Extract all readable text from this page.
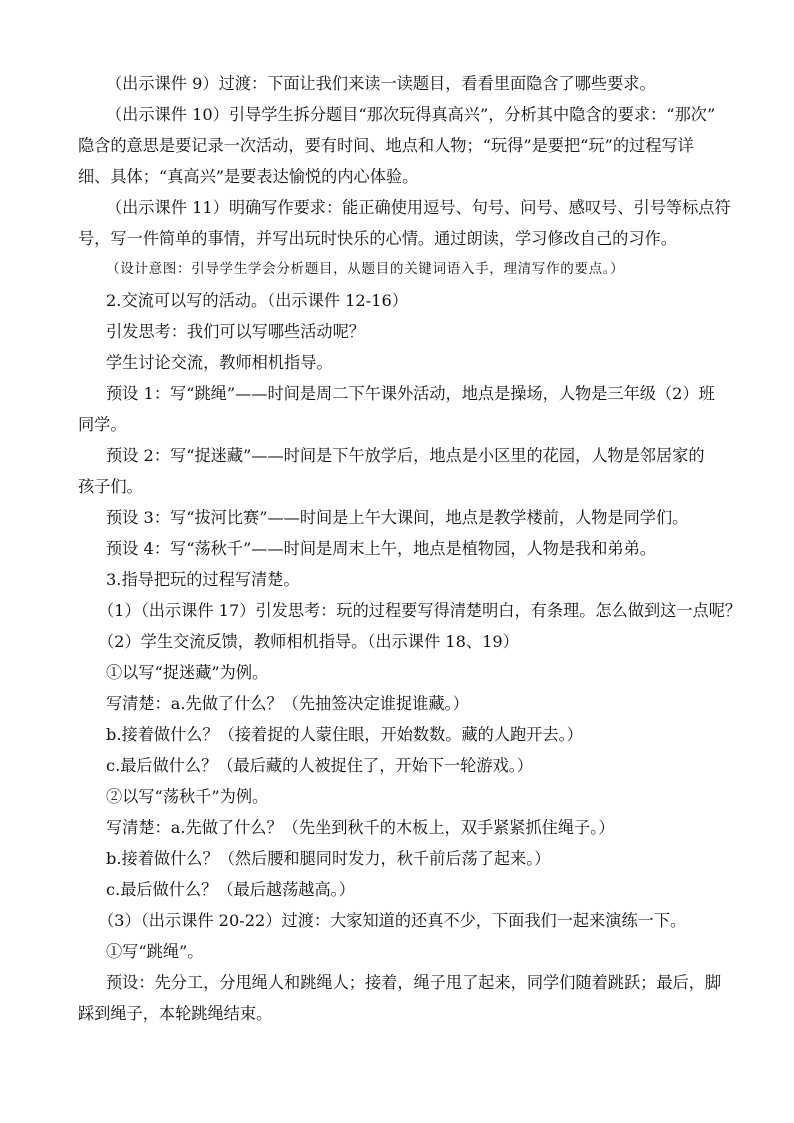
（出示课件 9）过渡：下面让我们来读一读题目，看看里面隐含了哪些要求。

（出示课件 10）引导学生拆分题目“那次玩得真高兴”，分析其中隐含的要求：“那次”

隐含的意思是要记录一次活动，要有时间、地点和人物；“玩得”是要把“玩”的过程写详

细、具体；“真高兴”是要表达愉悦的内心体验。

（出示课件 11）明确写作要求：能正确使用逗号、句号、问号、感叹号、引号等标点符

号，写一件简单的事情，并写出玩时快乐的心情。通过朗读，学习修改自己的习作。

（设计意图：引导学生学会分析题目，从题目的关键词语入手，理清写作的要点。）

2.交流可以写的活动。（出示课件 12-16）

引发思考：我们可以写哪些活动呢？

学生讨论交流，教师相机指导。

预设 1：写“跳绳”——时间是周二下午课外活动，地点是操场，人物是三年级（2）班

同学。

预设 2：写“捉迷藏”——时间是下午放学后，地点是小区里的花园，人物是邻居家的

孩子们。

预设 3：写“拔河比赛”——时间是上午大课间，地点是教学楼前，人物是同学们。

预设 4：写“荡秋千”——时间是周末上午，地点是植物园，人物是我和弟弟。

3.指导把玩的过程写清楚。

（1）（出示课件 17）引发思考：玩的过程要写得清楚明白，有条理。怎么做到这一点呢？

（2）学生交流反馈，教师相机指导。（出示课件 18、19）

①以写“捉迷藏”为例。

写清楚：a.先做了什么？（先抽签决定谁捉谁藏。）

b.接着做什么？（接着捉的人蒙住眼，开始数数。藏的人跑开去。）

c.最后做什么？（最后藏的人被捉住了，开始下一轮游戏。）

②以写“荡秋千”为例。

写清楚：a.先做了什么？（先坐到秋千的木板上，双手紧紧抓住绳子。）

b.接着做什么？（然后腰和腿同时发力，秋千前后荡了起来。）

c.最后做什么？（最后越荡越高。）

（3）（出示课件 20-22）过渡：大家知道的还真不少，下面我们一起来演练一下。

①写“跳绳”。

预设：先分工，分甩绳人和跳绳人；接着，绳子甩了起来，同学们随着跳跃；最后，脚

踩到绳子，本轮跳绳结束。
